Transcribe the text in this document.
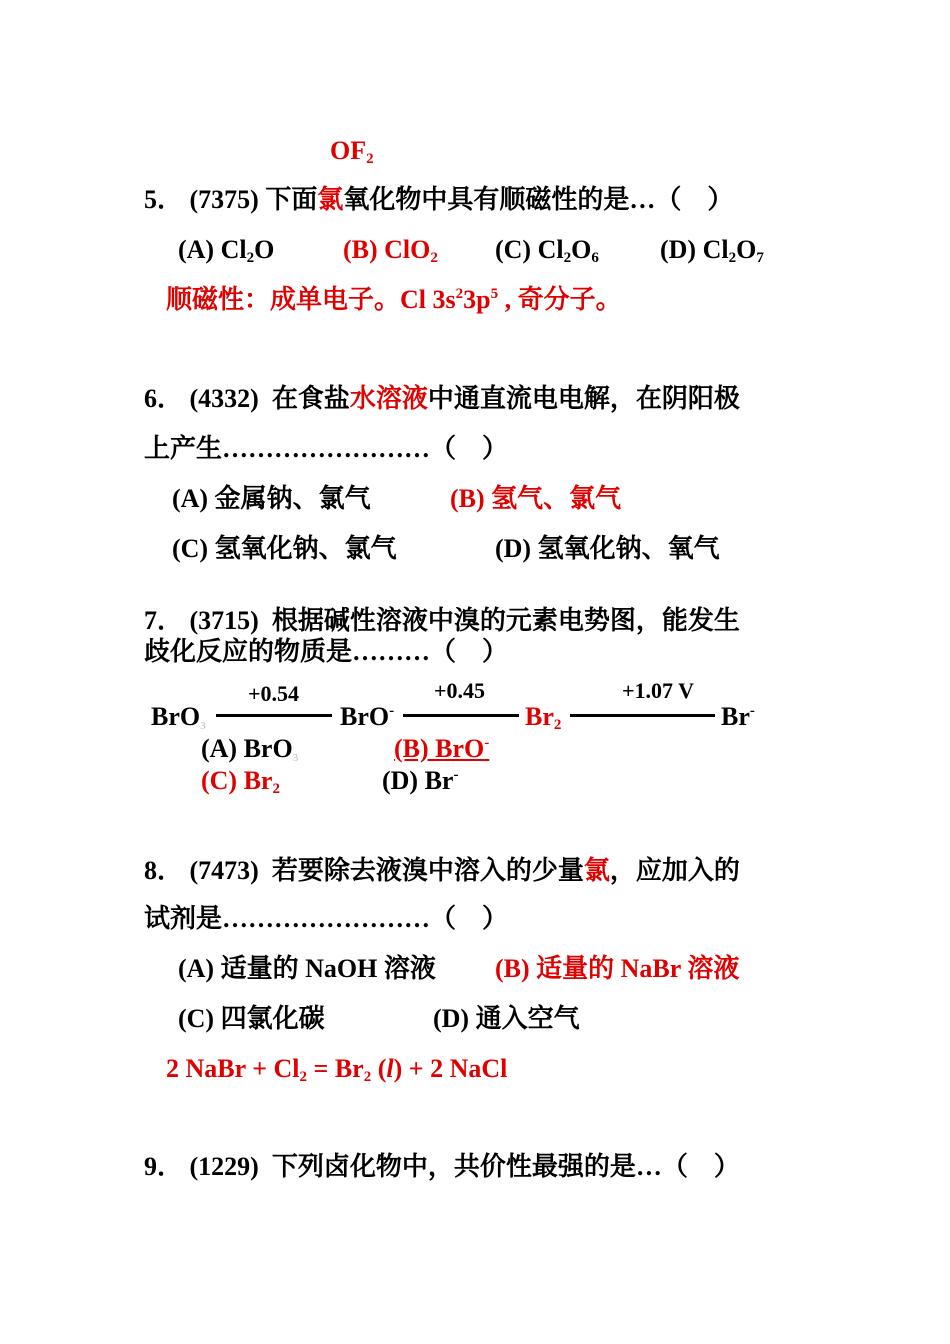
$OF_2$
5． (7375) 下面氯氧化物中具有顺磁性的是…（　）
(A) $Cl_2O$	(B) ClO$_2$ (C) $Cl_2O_6$ (D) $Cl_2O_7$
顺磁性：成单电子。Cl $3s^23p^5$ , 奇分子。
6． (4332) 在食盐水溶液中通直流电电解，在阴阳极
上产生……………………（　）
(A) 金属钠、氯气	(B) 氢气、氯气
(C) 氢氧化钠、氯气	(D) 氢氧化钠、氧气
7． (3715) 根据碱性溶液中溴的元素电势图，能发生
歧化反应的物质是………（　）
+0.54	+0.45	+1.07 V
BrO3	BrO-	$Br_2$	Br-
(A) BrO3	(B) BrO-
(C) $Br_2$	(D) Br-
8． (7473) 若要除去液溴中溶入的少量氯，应加入的
试剂是……………………（　）
(A) 适量的 NaOH 溶液 (B) 适量的 NaBr 溶液
(C) 四氯化碳	(D) 通入空气
2 NaBr + $Cl_2 = Br_2$ (l) + 2 NaCl
9． (1229) 下列卤化物中，共价性最强的是…（　）
